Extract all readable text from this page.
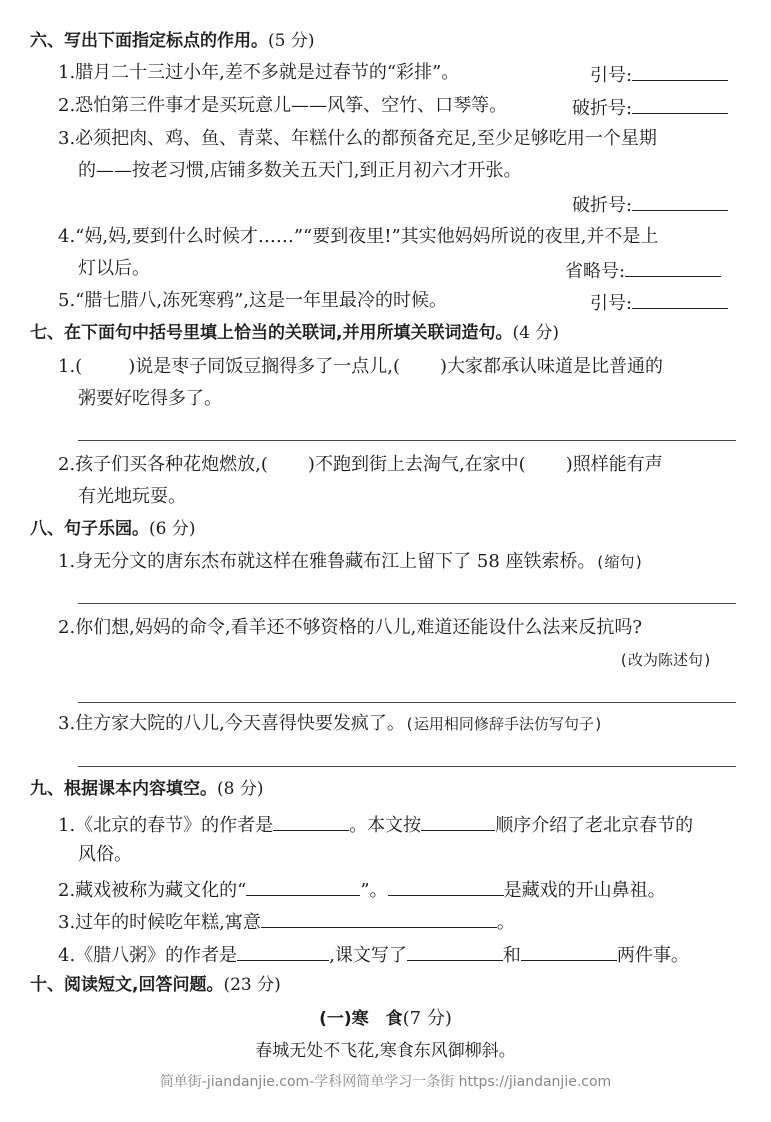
六、写出下面指定标点的作用。(5 分)
1.腊月二十三过小年,差不多就是过春节的“彩排”。	引号:
2.恐怕第三件事才是买玩意儿——风筝、空竹、口琴等。	破折号:
3.必须把肉、鸡、鱼、青菜、年糕什么的都预备充足,至少足够吃用一个星期
的——按老习惯,店铺多数关五天门,到正月初六才开张。
破折号:
4.“妈,妈,要到什么时候才……”“要到夜里!”其实他妈妈所说的夜里,并不是上
灯以后。	省略号:
5.“腊七腊八,冻死寒鸦”,这是一年里最冷的时候。	引号:
七、在下面句中括号里填上恰当的关联词,并用所填关联词造句。(4 分)
1.(	)说是枣子同饭豆搁得多了一点儿,( )大家都承认味道是比普通的
粥要好吃得多了。
2.孩子们买各种花炮燃放,( )不跑到街上去淘气,在家中( )照样能有声
有光地玩耍。
八、句子乐园。(6 分)
1.身无分文的唐东杰布就这样在雅鲁藏布江上留下了 58 座铁索桥。(缩句)
2.你们想,妈妈的命令,看羊还不够资格的八儿,难道还能设什么法来反抗吗?
(改为陈述句)
3.住方家大院的八儿,今天喜得快要发疯了。(运用相同修辞手法仿写句子)
九、根据课本内容填空。(8 分)
1.《北京的春节》的作者是	。本文按	顺序介绍了老北京春节的
风俗。
2.藏戏被称为藏文化的“	”。	是藏戏的开山鼻祖。
3.过年的时候吃年糕,寓意	。
4.《腊八粥》的作者是	,课文写了	和	两件事。
十、阅读短文,回答问题。(23 分)
(一)寒　食(7 分)
春城无处不飞花,寒食东风御柳斜。
简单街-jiandanjie.com-学科网简单学习一条街 https://jiandanjie.com
